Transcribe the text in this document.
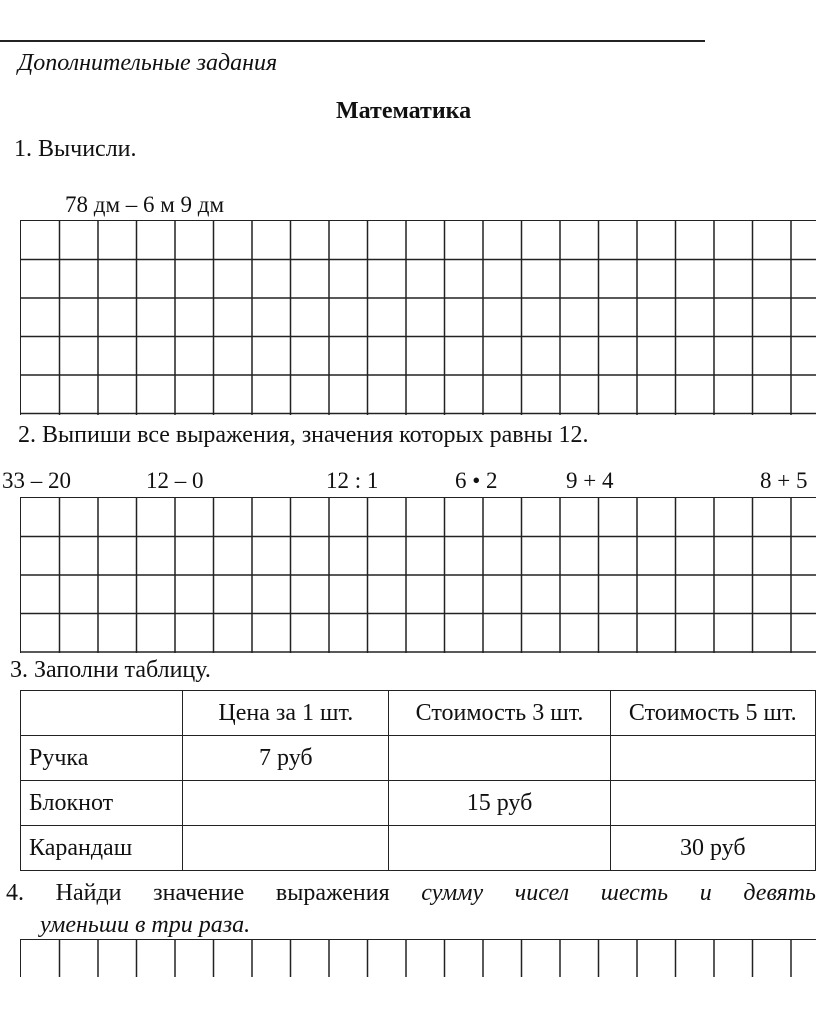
Дополнительные задания
Математика
1. Вычисли.
78 дм – 6 м 9 дм
2. Выпиши все выражения, значения которых равны 12.
33 – 20	12 – 0	12 : 1	6 • 2	9 + 4	8 + 5
3. Заполни таблицу.
	Цена за 1 шт.	Стоимость 3 шт.	Стоимость 5 шт.
Ручка	7 руб		
Блокнот		15 руб	
Карандаш			30 руб
4. Найди значение выражения сумму чисел шесть и девять
уменьши в три раза.
